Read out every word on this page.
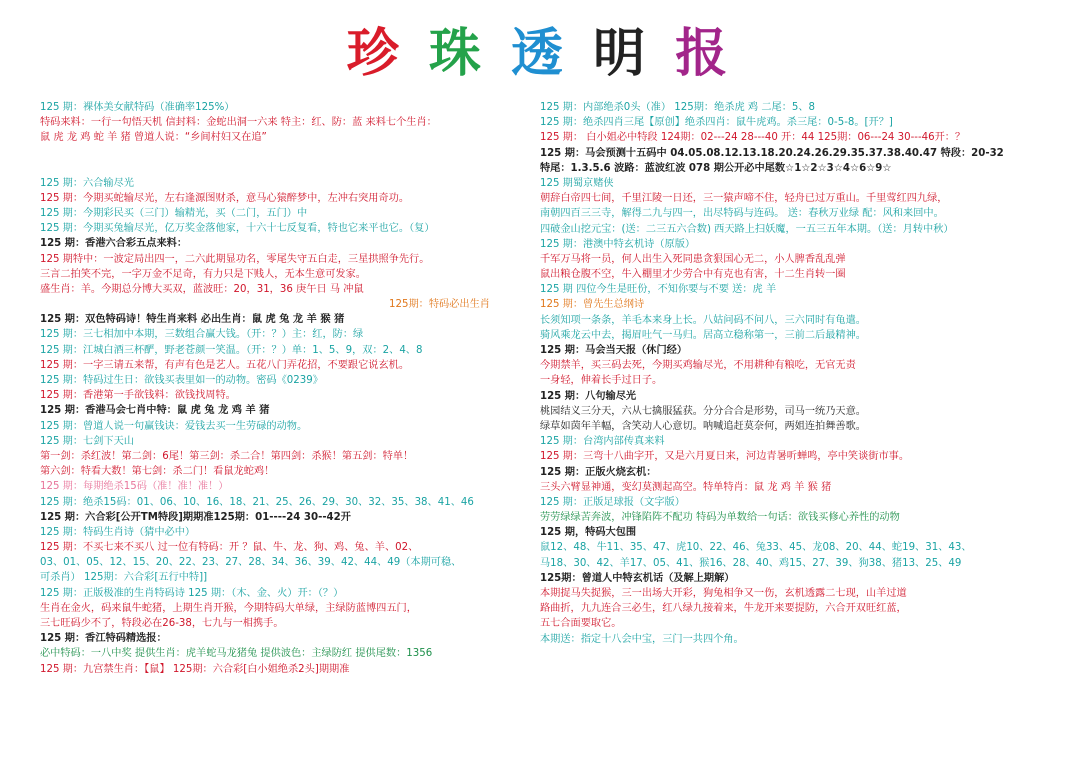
珍 珠 透 明 报
125 期：裸体美女献特码（准确率125%）
特码来料：一行一句悟天机 信封料：金蛇出洞一六来 特主：红、防：蓝 来料七个生肖：
鼠 虎 龙 鸡 蛇 羊 猪 曾道人说：“乡间村妇又在追”
125 期：六合输尽光
125 期：今期买蛇输尽光，左右逢源图财杀，意马心猿醉梦中，左冲右突用奇功。
125 期：今期彩民买（三门）输精光，买（二门，五门）中
125 期：今期买兔输尽光，亿万奖金落他家，十六十七反复看，特也它来平也它。（复）
125 期：香港六合彩五点来料：
125 期特中：一波定局出四一，二六此期显功名，零尾失守五白走，三星拱照争先行。
三言二拍笑不完，一字万金不足奇，有力只是下贱人，无本生意可发家。
盛生肖：羊。今期总分博大买双，蓝波旺：20，31，36 庚午日 马 冲鼠
125期：特码必出生肖
125 期：双色特码诗！特生肖来料 必出生肖：鼠 虎 兔 龙 羊 猴 猪
125 期：三七相加中本期，三数组合赢大钱。（开：？）主：红，防：绿
125 期：江城白酒三杯酽，野老苍颜一笑温。（开：？）单：1、5、9，双：2、4、8
125 期：一字三请五来帮，有声有色是艺人。五花八门弄花招，不要跟它说玄机。
125 期：特码过生日：欲钱买表里如一的动物。密码《0239》
125 期：香港第一手欲钱料：欲钱找周特。
125 期：香港马会七肖中特：鼠 虎 兔 龙 鸡 羊 猪
125 期：曾道人说一句赢钱诀：爱钱去买一生劳碌的动物。
125 期：七剑下天山
第一剑：杀红波！第二剑：6尾！第三剑：杀二合！第四剑：杀猴！第五剑：特单！
第六剑：特看大数！第七剑：杀二门！看鼠龙蛇鸡！
125 期：每期绝杀15码（准！准！准！）
125 期：绝杀15码：01、06、10、16、18、21、25、26、29、30、32、35、38、41、46
125 期：六合彩[公开TM特段]期期准125期：01----24 30--42开
125 期：特码生肖诗（猜中必中）
125 期：不买七来不买八 过一位有特码：开 ？鼠、牛、龙、狗、鸡、兔、羊、02、
03、01、05、12、15、20、22、23、27、28、34、36、39、42、44、49（本期可稳、
可杀肖） 125期：六合彩[五行中特]]
125 期：正版极准的生肖特码诗 125 期：（木、金、火）开：（？）
生肖在金火，码来鼠牛蛇猪，上期生肖开猴，今期特码大单绿，主绿防蓝博四五门，
三七旺码少不了，特段必在26-38，七九与一相携手。
125 期：香江特码精选报：
必中特码：一八中奖 提供生肖：虎羊蛇马龙猪兔 提供波色：主绿防红 提供尾数：1356
125 期：九宫禁生肖：【鼠】 125期：六合彩[白小姐绝杀2头]期期准
125 期：内部绝杀0头（准） 125期：绝杀虎 鸡 二尾：5、8
125 期：绝杀四肖三尾【原创】绝杀四肖：鼠牛虎鸡。杀三尾：0-5-8。[开？]
125 期： 白小姐必中特段 124期：02---24 28---40 开：44 125期：06---24 30---46开：？
125 期：马会预测十五码中 04.05.08.12.13.18.20.24.26.29.35.37.38.40.47 特段：20-32
特尾：1.3.5.6 波路：蓝波红波 078 期公开必中尾数☆1☆2☆3☆4☆6☆9☆
125 期蜀京赌侠
朝辞白帝四七间，千里江陵一日还，三一猿声啼不住，轻舟已过万重山。千里莺红四九绿，
南朝四百三三寺，解得二九与四一，出尽特码与连码。 送：春秋万业绿 配：风和来回中。
四破金山挖元宝：(送：二三五六合数) 西天路上扫妖魔，一五三五年本期。（送：月转中秋）
125 期：港澳中特玄机诗（原版）
千军万马将一员，何人出生入死同患贪狠国心无二，小人脾香乱乱弹
鼠出粮仓腹不空，牛入棚里才少劳合中有克也有害，十二生肖转一圈
125 期 四位今生是旺份，不知你要与不要 送：虎 羊
125 期：曾先生总纲诗
长须知项一条条，羊毛本来身上长。八姑问码不问八，三六同时有龟遣。
骑风乘龙云中去，揭眉吐气一马归。居高立稳称第一，三前二后最精神。
125 期：马会当天报（休门经）
今期禁羊，买三码去死，今期买鸡输尽光，不用耕种有粮吃，无官无责
一身轻，伸着长手过日子。
125 期：八句输尽光
桃园结义三分天，六从七擒服猛获。分分合合是形势，司马一统乃天意。
绿草如茵年羊幅，含笑动人心意切。呐喊追赶莫奈何，两姐连拍舞善歌。
125 期：台湾内部传真来料
125 期：三弯十八曲字开，又是六月夏日来，河边青暑听蝉鸣，亭中笑谈街市事。
125 期：正版火烧玄机：
三头六臂显神通，变幻莫测起高空。特单特肖：鼠 龙 鸡 羊 猴 猪
125 期：正版足球报（文字版）
劳劳绿绿苦奔波，冲锋陷阵不配功 特码为单数给一句话：欲钱买修心养性的动物
125 期，特码大包围
鼠12、48、牛11、35、47、虎10、22、46、兔33、45、龙08、20、44、蛇19、31、43、
马18、30、42、羊17、05、41、猴16、28、40、鸡15、27、39、狗38、猪13、25、49
125期：曾道人中特玄机话（及解上期解）
本期捉马失捉猴，三一出场大开彩，狗兔相争又一伤，玄机透露二七现，山羊过道
路曲折，九九连合三必生，红八绿九接着来，牛龙开来要提防，六合开双旺红蓝，
五七合面要取它。
本期送：指定十八会中宝，三门一共四个角。
